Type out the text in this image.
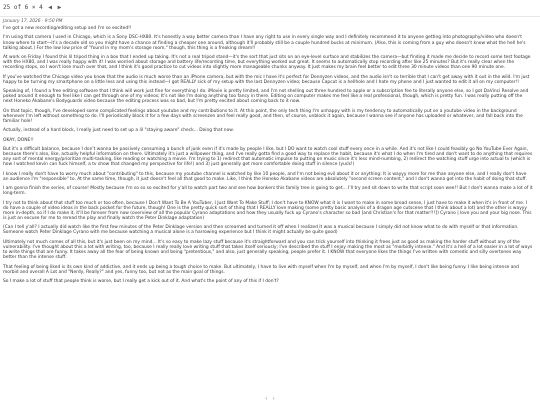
25 of 6 × 4 ◀ ▶
January 17, 2026 · 9:50 PM

I've got a new recording/editing setup and I'm so excited!!

I'm using that camera I used in Chicago, which is a Sony DSC-HX80. It's honestly a way better camera than I have any right to use in every single way and I definitely recommend it to anyone getting into photography/video who doesn't know where to start—it's a decade old so you might have a chance at finding a cheaper one around, although it'll probably still be a couple hundred bucks at minimum. (Also, this is coming from a guy who doesn't know what the hell he's talking about.) For the low low price of "found in my mom's storage room," though, this thing is a freaking dream!!

At work on Friday I found this lil tripod thing in a box that I ended up taking. It's not a real tripod stand—it's the sort that just sits on an eye-level surface and stabilizes the camera—but finding it made me decide to record some test footage with the HX80, and I was really happy with it! I was worried about storage and battery life/recording time, but everything worked out great. It seems to automatically stop recording after like 25 minutes? But it's really clear when the recording stops, so I won't lose much over that, and I think it's good practice to cut videos into slightly more manageable chunks anyway. It just makes my brain feel better to edit three 30 minute videos than one 90 minute one.

If you've watched the Chicago video you know that the audio is much worse than an iPhone camera, but with the mic I have it's perfect for Dennyzen videos, and the audio isn't so terrible that I can't get away with it out in the wild. I'm just happy to be turning my smartphone on a little less and using this instead—I got REALLY sick of my setup with the last Dennyzen video; because Capcut is a hellhole and I hate my phone and I just wanted to edit it all on my computer!!

Speaking of, I found a free editing software that I think will work just fine for everything I do. iMovie is pretty limited, and I'm not shelling out three hundred to apple or a subscription fee to literally anyone else, so I got DaVinci Resolve and poked around it enough to feel like I can get through one of my videos; It's not like I'm doing anything too fancy in there. Editing on computer makes me feel like a real professional, though, which is pretty fun. I was really putting off the next Honeko Akabane's Bodyguards video because the editing process was so bad, but I'm pretty excited about coming back to it now.

On that topic, though, I've developed some complicated feelings about youtube and my contributions to it. At this point, the only tech thing I'm unhappy with is my tendency to automatically put on a youtube video in the background whenever I'm left without something to do. I'll periodically block it for a few days with screenzen and feel really good, and then, of course, unblock it again, because I wanna see if anyone has uploaded or whatever, and fall back into the familiar hole!

Actually, instead of a hard block, I really just need to set up a lil "staying aware" check... Doing that now.

OKAY, DONE!!

But it's a difficult balance, because I don't wanna be passively consuming a bunch of junk even if it's made by people I like, but I DO want to watch cool stuff every once in a while. And it's not like I could feasibly go No YouTube Ever Again, because there's also, like, actually helpful information on there. Ultimately it's just a willpower thing, and I've really gotta find a good way to replace the habit, because it's what I do when I'm tired and don't want to do anything that requires any sort of mental energy/prioritize multi-tasking, like reading or watching a movie. I'm trying to 1) redirect that automatic impulse to putting on music since it's less mind-numbing, 2) redirect the watching stuff urge into actual tv (which is how I watched kevin can fuck himself, a tv show that changed my perspective for life!) and 3) just generally get more comfortable doing stuff in silence (yuck!)

I know I really don't have to worry much about "contributing" to this, because my youtube channel is watched by like 10 people, and I'm not being evil about it or anything: It is wayyy more for me than anyone else, and I really don't have an audience I'm "responsible" to. At the same time, though, it just doesn't feel all that good to make. Like, I think the Honeko Akabane videos are absolutely "second screen content," and I don't wanna get into the habit of doing that stuff.

I am gonna finish the series, of course! Mostly because I'm so so so excited for y'all to watch part two and see how bonkers this family tree is going to get... I'll try and sit down to write that script soon wee!! But I don't wanna make a lot of it long-term.

I try not to think about that stuff too much or too often, because I Don't Want To Be A YouTuber, I Just Want To Make Stuff; I don't have to KNOW what it is I want to make in some broad sense, I just have to make it when it's in front of me. I do have a couple of video ideas in the back pocket for the future, though! One is the pretty quick sort of thing that I REALLY love making (some pretty basic analysis of a dragon age cutscene that I think about a lot) and the other is wayyy more in-depth, so if I do make it, it'll be forever from now (overview of all the popular Cyrano adaptations and how they usually fuck up Cyrano's character so bad [and Christian's for that matter!!!]) Cyrano | love you and your big nose. This is just an excuse for me to reread the play and finally watch the Peter Dinklage adaptation)

(Can I tell y'all? I actually did watch like the first few minutes of the Peter Dinklage version and then screamed and turned it off when I realized it was a musical because I simply did not know what to do with myself or that information. Someone watch Peter Dinklage Cyrano with me because watching a musical alone is a harrowing experience but I think it might actually be quite good)

Ultimately not much comes of all this, but it's just been on my mind... It's so easy to make lazy stuff because it's straightforward and you can trick yourself into thinking it frees just as good as making the harder stuff without any of the vulnerability. I've thought about this a lot with writing, too, because I really really love writing stuff that takes itself seriously; I've described the stuff I enjoy making the most as "morbidly intense." And it's a hell of a lot easier in a lot of ways to write things that are funny. It takes away all the fear of being known and being "pretentious," and also, just generally speaking, people prefer it. I KNOW that everyone likes the things I've written with comedic and silly overtones way better than the intense stuff.

That feeling of being liked is its own kind of addictive, and it ends up being a tough choice to make. But ultimately, I have to live with myself when I'm by myself, and when I'm by myself, I don't like being funny. I like being intense and morbid and overall A Lot and "Nerdy, Really?" and yes, funny too, but not as the main goal of things.

So I make a lot of stuff that people think is worse, but I really get a kick out of it. And what's the point of any of this if I don't?

‹ ›
